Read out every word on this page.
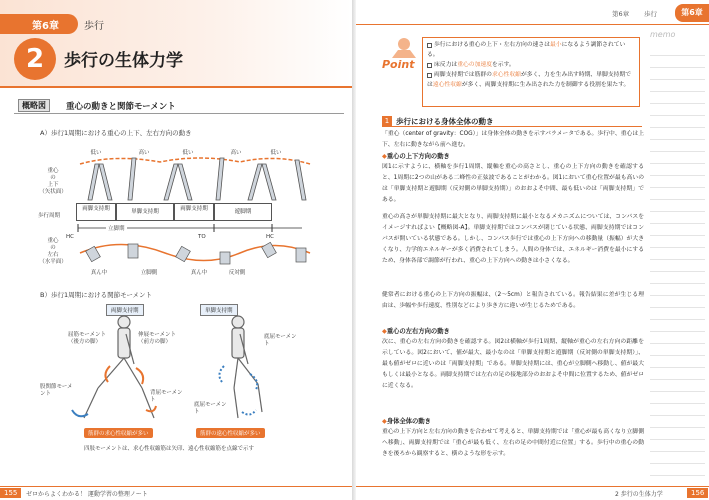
第6章	歩行
2	歩行の生体力学
概略図	重心の動きと関節モーメント
A）歩行1周期における重心の上下、左右方向の動き
低い	高い	低い	高い	低い
重心
の
上下
（矢状面）
歩行周期
両脚支持期	単脚支持期	両脚支持期	遊脚期
立脚期
HC	TO	HC
重心
の
左右
（水平面）
真ん中	立脚側	真ん中	反対側
B）歩行1周期における関節モーメント
両脚支持期	単脚支持期
屈筋モーメント（後方の脚）
伸展モーメント（前方の脚）
股関節モーメント	背屈モーメント
底屈モーメント
底屈モーメント
筋群の求心性収縮が多い	筋群の遠心性収縮が多い
四肢モーメントは、求心性収縮筋は矢印、遠心性収縮筋を点線で示す
155	ゼロからよくわかる！ 運動学習の整理ノート
第6章 歩行	第6章
memo
Point
歩行における重心の上下・左右方向の速さは最小になるよう調節されている。
床反力は重心の加速度を示す。
両脚支持期では筋群の求心性収縮が多く、力を生み出す時期、単脚支持期では遠心性収縮が多く、両脚支持期に生み出された力を制御する役割を果たす。
1 歩行における身体全体の動き

「重心（center of gravity：COG）」は身体全体の動きを示すパラメータである。歩行中、重心は上下、左右に動きながら前へ進む。

◆重心の上下方向の動き

図1に示すように、横軸を歩行1周期、縦軸を重心の高さとし、重心の上下方向の動きを確認すると、1周期に2つの山がある二峰性の正弦波であることがわかる。図1において重心位置が最も高いのは「単脚支持期と遊脚期（反対側の単脚支持期）」のおおよそ中間、最も低いのは「両脚支持期」である。

重心の高さが単脚支持期に最大となり、両脚支持期に最小となるメカニズムについては、コンパスをイメージすればよい【概略図-A】。単脚支持期ではコンパスが閉じている状態、両脚支持期ではコンパスが開いている状態である。しかし、コンパス歩行では重心の上下方向への移動量（振幅）が大きくなり、力学的エネルギーが多く消費されてしまう。人間の身体では、エネルギー消費を最小にするため、身体各部で調節が行われ、重心の上下方向への動きは小さくなる。

健常者における重心の上下方向の振幅は、（2～5cm）と報告されている。報告結果に差が生じる理由は、歩幅や歩行速度、性別などにより歩き方に違いが生じるためである。

◆重心の左右方向の動き

次に、重心の左右方向の動きを確認する。図2は横軸が歩行1周期、縦軸が重心の左右方向の距離を示している。図2において、値が最大、最小なのは「単脚支持期と遊脚期（反対側の単脚支持期）」、最も値がゼロに近いのは「両脚支持期」である。単脚支持期には、重心が立脚側へ移動し、値が最大もしくは最小となる。両脚支持期では左右の足の接地部分のおおよそ中間に位置するため、値がゼロに近くなる。

◆身体全体の動き

重心の上下方向と左右方向の動きを合わせて考えると、単脚支持期では「重心が最も高くなり立脚側へ移動」、両脚支持期では「重心が最も低く、左右の足の中間付近に位置」する。歩行中の重心の動きを後ろから観察すると、横のような形を示す。

2 歩行の生体力学	156
